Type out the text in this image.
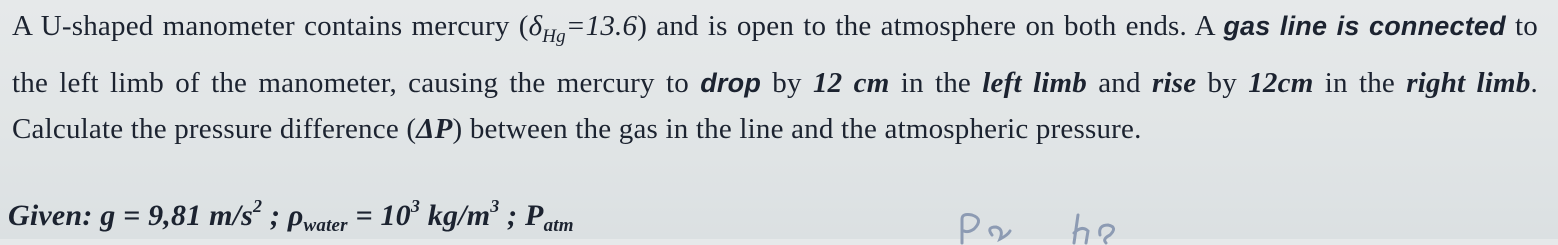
A U-shaped manometer contains mercury $(\delta_{Hg}=13.6)$ and is open to the atmosphere on both ends. A gas line is connected to the left limb of the manometer, causing the mercury to drop by 12 cm in the left limb and rise by 12cm in the right limb. Calculate the pressure difference (ΔP) between the gas in the line and the atmospheric pressure.

Given: g = 9,81 $m/s^2$ ; $\rho_{water} = 10^3$ $kg/m^3$ ; $P_{atm}$
